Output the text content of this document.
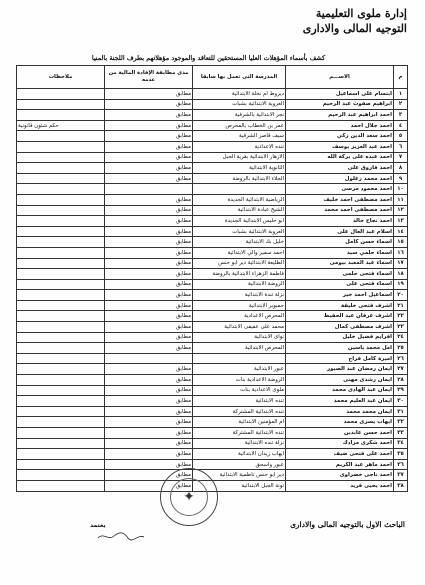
إدارة ملوى التعليمية
التوجيه المالى والادارى
كشف بأسماء المؤهلات العليا المستحقين للتعاقد والموجود مؤهلاتهم بطرف اللجنة بالمنيا
م	الاســـم	المدرسة التى تعمل بها سابقا	مدى مطابقة الإفادة المالية من عدمه	ملاحظات
١	ابتسام على اسماعيل	ديروط ام نخلة الابتدائية	مطابق	
٢	ابراهيم صفوت عبد الرحيم	العروبة الابتدائية بشبات	مطابق	
٣	احمد ابراهيم عبد الرحيم	نجر الابتدائية بالشرفية	مطابق	
٤	احمد جلال احمد	عمر بن الخطاب بالمحرص	مطابق	حكم شئون قانونية
٥	احمد سعد الدين زكي	سيف قاصر الشرقية	مطابق	
٦	احمد عبد العزيز يوسف	تنده الاعدادية	مطابق	
٧	احمد عبده على بركة الله	الازهار الابتدائية بقرية الجبل	مطابق	
٨	احمد فاروق على	الثانوية الابتدائية	مطابق	
٩	احمد محمد زغلول	الجلاء الابتدائية بالروضة	مطابق	
١٠	احمد محمود مرسى			
١١	احمد مصطفى احمد خليف	الرياضية الابتدائية الجديدة	مطابق	
١٢	احمد مصطفى احمد محمد	الشيخ عبادة الابتدائية	مطابق	
١٣	احمد نجاح خالد	ابو حلبس الابتدائية الجديدة	مطابق	
١٤	اسلام عبد العال على	العروبة الابتدائية بشبات	مطابق	
١٥	اسماء حسن كامل	خليل بك الابتدائية	مطابق	
١٦	اسماء حلمي سيد	احمد سمير والي الابتدائية	مطابق	
١٧	اسماء عبد المعبد بيومى	الطليعة الابتدائية دير ابو حنس	مطابق	
١٨	اسماء فتحى حلمى	فاطمة الزهراء الابتدائية بالروضة	مطابق	
١٩	اسماء فتحى على	الروضة الابتدائية	مطابق	
٢٠	اسماعيل احمد خير	نزلة تندة الابتدائية	مطابق	
٢١	اشرف فتحى خليفة	حمبوبر الابتدائية	مطابق	
٢٢	اشرف عرفان عبد الحفيظ	المحرص الاعدادية	مطابق	
٢٣	اشرف مصطفى كمال	محمد على عفيفى الابتدائية	مطابق	
٢٤	افرايم فضيل خليل	نواى الابتدائية	مطابق	
٢٥	امل محمد ياسين	المحرص الابتدائية	مطابق	
٢٦	اميرة كامل فراج			
٢٧	ايمان رمضان عبد الصبور	عبور الابتدائية	مطابق	
٢٨	ايمان رشدى مهنى	الروضة الاعدادية بنات	مطابق	
٢٩	ايمان عبد الهادى محمد	ملوى الاعدادية بنات	مطابق	
٣٠	ايمان عبد العليم محمد	تنده الابتدائية	مطابق	
٣١	ايمان محمد محمد	تنده الابتدائية المشتركة	مطابق	
٣٢	ايهاب يسرى محمد	ام المؤمنين الابتدائية	مطابق	
٣٣	احمد حسن عابدين	تنده الابتدائية المشتركة	مطابق	
٣٤	احمد شكرى مرادك	نزلة تنده الابتدائية	مطابق	
٣٥	احمد على فتحى ضيف	ايهاب زيدان الابتدائية	مطابق	
٣٦	احمد ماهر عبد الكريم	عبور واسحق	مطابق	
٣٧	احمد ناجى خضراوى	دير ابو حنس ناظمية الابتدائية	مطابق	
٣٨	احمد يحيى فريد	تونة الجبل الابتدائية	مطابق	
✦
يعتمد	الباحث الاول بالتوجيه المالى والادارى
